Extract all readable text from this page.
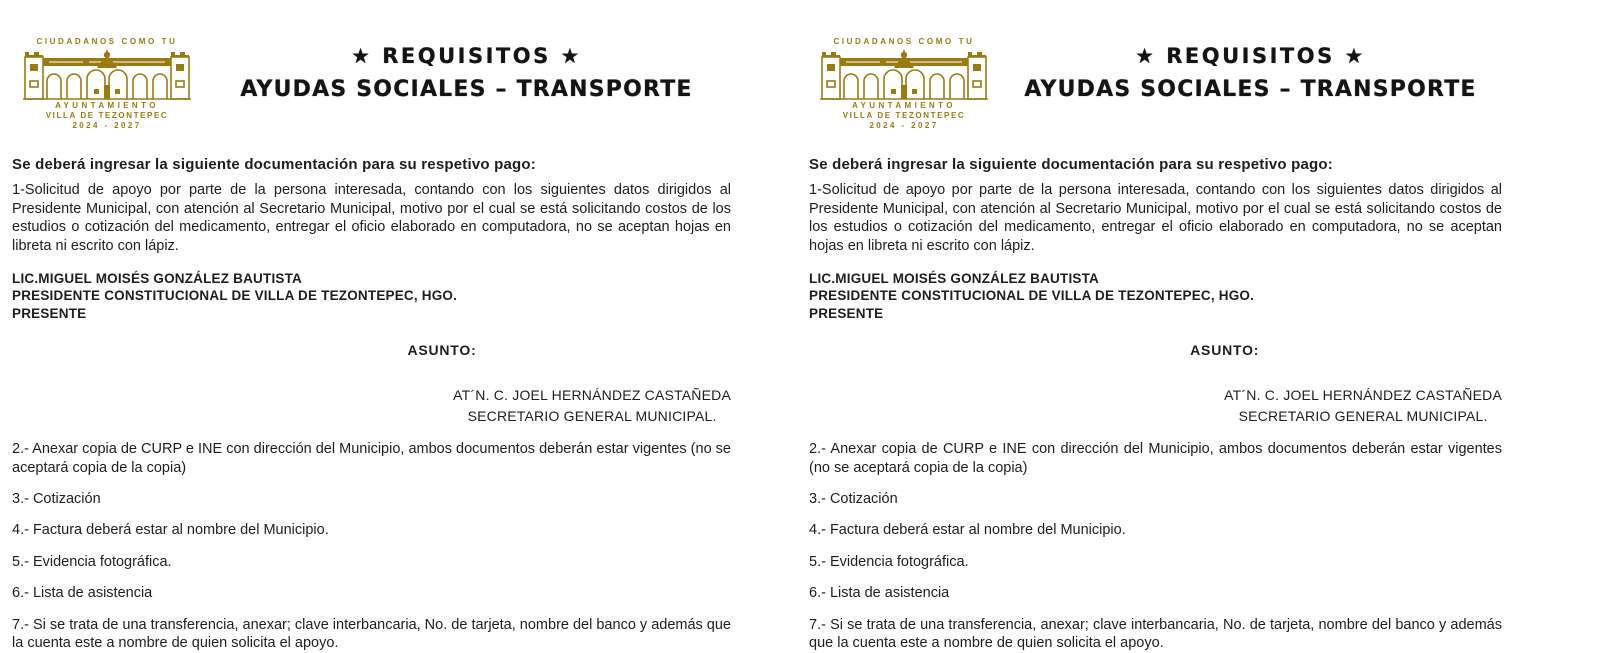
CIUDADANOS COMO TU
AYUNTAMIENTO
VILLA DE TEZONTEPEC
2024 - 2027
★ REQUISITOS ★
AYUDAS SOCIALES – TRANSPORTE
Se deberá ingresar la siguiente documentación para su respetivo pago:
1-Solicitud de apoyo por parte de la persona interesada, contando con los siguientes datos dirigidos al Presidente Municipal, con atención al Secretario Municipal, motivo por el cual se está solicitando costos de los estudios o cotización del medicamento, entregar el oficio elaborado en computadora, no se aceptan hojas en libreta ni escrito con lápiz.
LIC.MIGUEL MOISÉS GONZÁLEZ BAUTISTA
PRESIDENTE CONSTITUCIONAL DE VILLA DE TEZONTEPEC, HGO.
PRESENTE
ASUNTO:
AT´N. C. JOEL HERNÁNDEZ CASTAÑEDA
SECRETARIO GENERAL MUNICIPAL.
2.- Anexar copia de CURP e INE con dirección del Municipio, ambos documentos deberán estar vigentes (no se aceptará copia de la copia)
3.- Cotización
4.- Factura deberá estar al nombre del Municipio.
5.- Evidencia fotográfica.
6.- Lista de asistencia
7.- Si se trata de una transferencia, anexar; clave interbancaria, No. de tarjeta, nombre del banco y además que la cuenta este a nombre de quien solicita el apoyo.
CIUDADANOS COMO TU
AYUNTAMIENTO
VILLA DE TEZONTEPEC
2024 - 2027
★ REQUISITOS ★
AYUDAS SOCIALES – TRANSPORTE
Se deberá ingresar la siguiente documentación para su respetivo pago:
1-Solicitud de apoyo por parte de la persona interesada, contando con los siguientes datos dirigidos al Presidente Municipal, con atención al Secretario Municipal, motivo por el cual se está solicitando costos de los estudios o cotización del medicamento, entregar el oficio elaborado en computadora, no se aceptan hojas en libreta ni escrito con lápiz.
LIC.MIGUEL MOISÉS GONZÁLEZ BAUTISTA
PRESIDENTE CONSTITUCIONAL DE VILLA DE TEZONTEPEC, HGO.
PRESENTE
ASUNTO:
AT´N. C. JOEL HERNÁNDEZ CASTAÑEDA
SECRETARIO GENERAL MUNICIPAL.
2.- Anexar copia de CURP e INE con dirección del Municipio, ambos documentos deberán estar vigentes (no se aceptará copia de la copia)
3.- Cotización
4.- Factura deberá estar al nombre del Municipio.
5.- Evidencia fotográfica.
6.- Lista de asistencia
7.- Si se trata de una transferencia, anexar; clave interbancaria, No. de tarjeta, nombre del banco y además que la cuenta este a nombre de quien solicita el apoyo.
